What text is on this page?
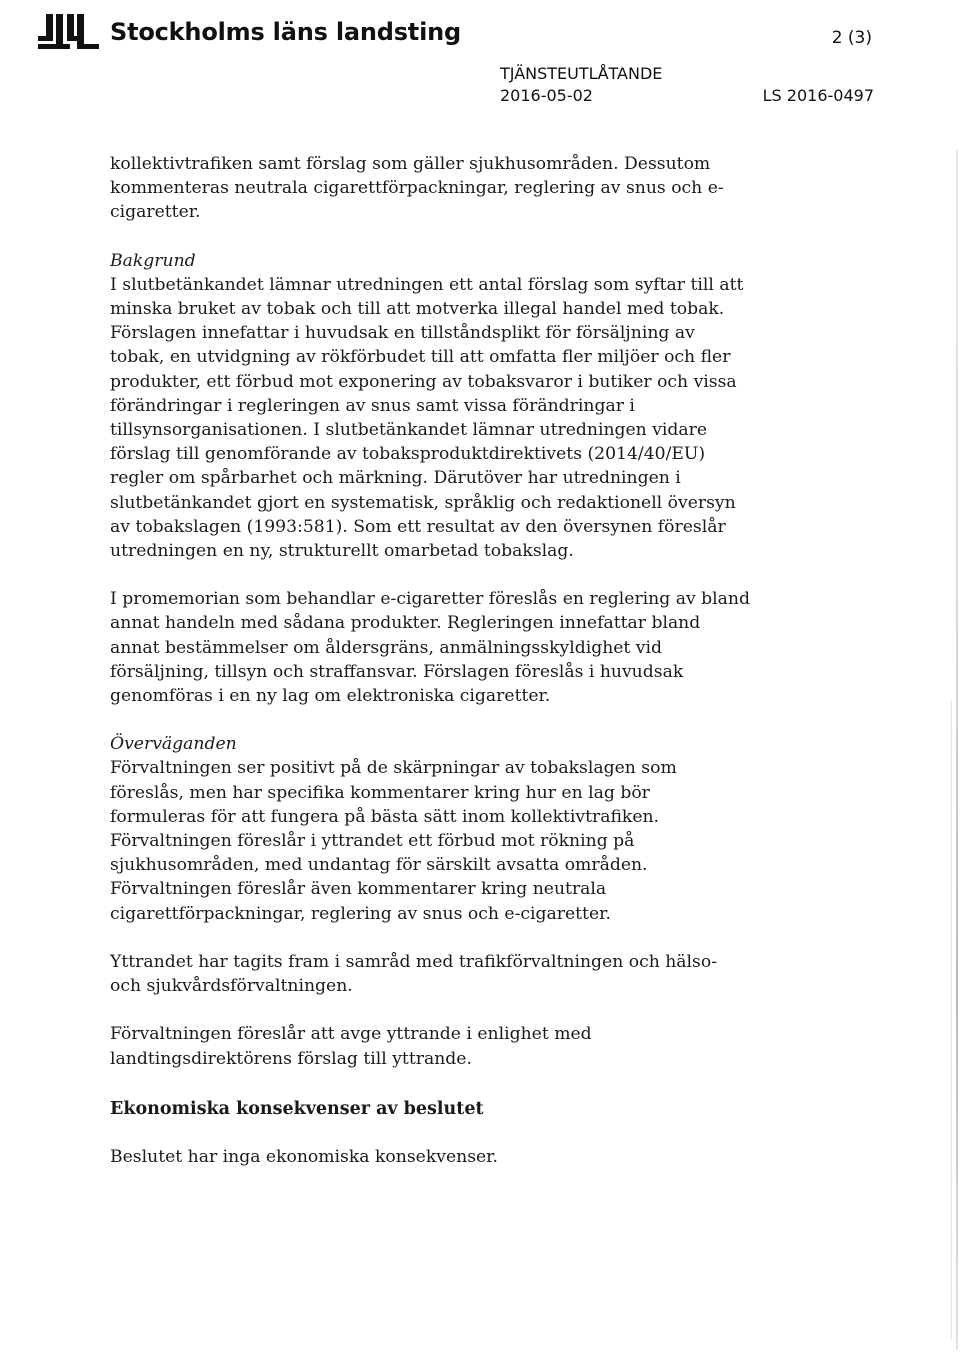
Stockholms läns landsting	2 (3)
TJÄNSTEUTLÅTANDE
2016-05-02	LS 2016-0497

kollektivtrafiken samt förslag som gäller sjukhusområden. Dessutom kommenteras neutrala cigarettförpackningar, reglering av snus och e-cigaretter.

Bakgrund
I slutbetänkandet lämnar utredningen ett antal förslag som syftar till att minska bruket av tobak och till att motverka illegal handel med tobak. Förslagen innefattar i huvudsak en tillståndsplikt för försäljning av tobak, en utvidgning av rökförbudet till att omfatta fler miljöer och fler produkter, ett förbud mot exponering av tobaksvaror i butiker och vissa förändringar i regleringen av snus samt vissa förändringar i tillsynsorganisationen. I slutbetänkandet lämnar utredningen vidare förslag till genomförande av tobaksproduktdirektivets (2014/40/EU) regler om spårbarhet och märkning. Därutöver har utredningen i slutbetänkandet gjort en systematisk, språklig och redaktionell översyn av tobakslagen (1993:581). Som ett resultat av den översynen föreslår utredningen en ny, strukturellt omarbetad tobakslag.

I promemorian som behandlar e-cigaretter föreslås en reglering av bland annat handeln med sådana produkter. Regleringen innefattar bland annat bestämmelser om åldersgräns, anmälningsskyldighet vid försäljning, tillsyn och straffansvar. Förslagen föreslås i huvudsak genomföras i en ny lag om elektroniska cigaretter.

Överväganden
Förvaltningen ser positivt på de skärpningar av tobakslagen som föreslås, men har specifika kommentarer kring hur en lag bör formuleras för att fungera på bästa sätt inom kollektivtrafiken. Förvaltningen föreslår i yttrandet ett förbud mot rökning på sjukhusområden, med undantag för särskilt avsatta områden. Förvaltningen föreslår även kommentarer kring neutrala cigarettförpackningar, reglering av snus och e-cigaretter.

Yttrandet har tagits fram i samråd med trafikförvaltningen och hälso- och sjukvårdsförvaltningen.

Förvaltningen föreslår att avge yttrande i enlighet med landtingsdirektörens förslag till yttrande.

Ekonomiska konsekvenser av beslutet

Beslutet har inga ekonomiska konsekvenser.
